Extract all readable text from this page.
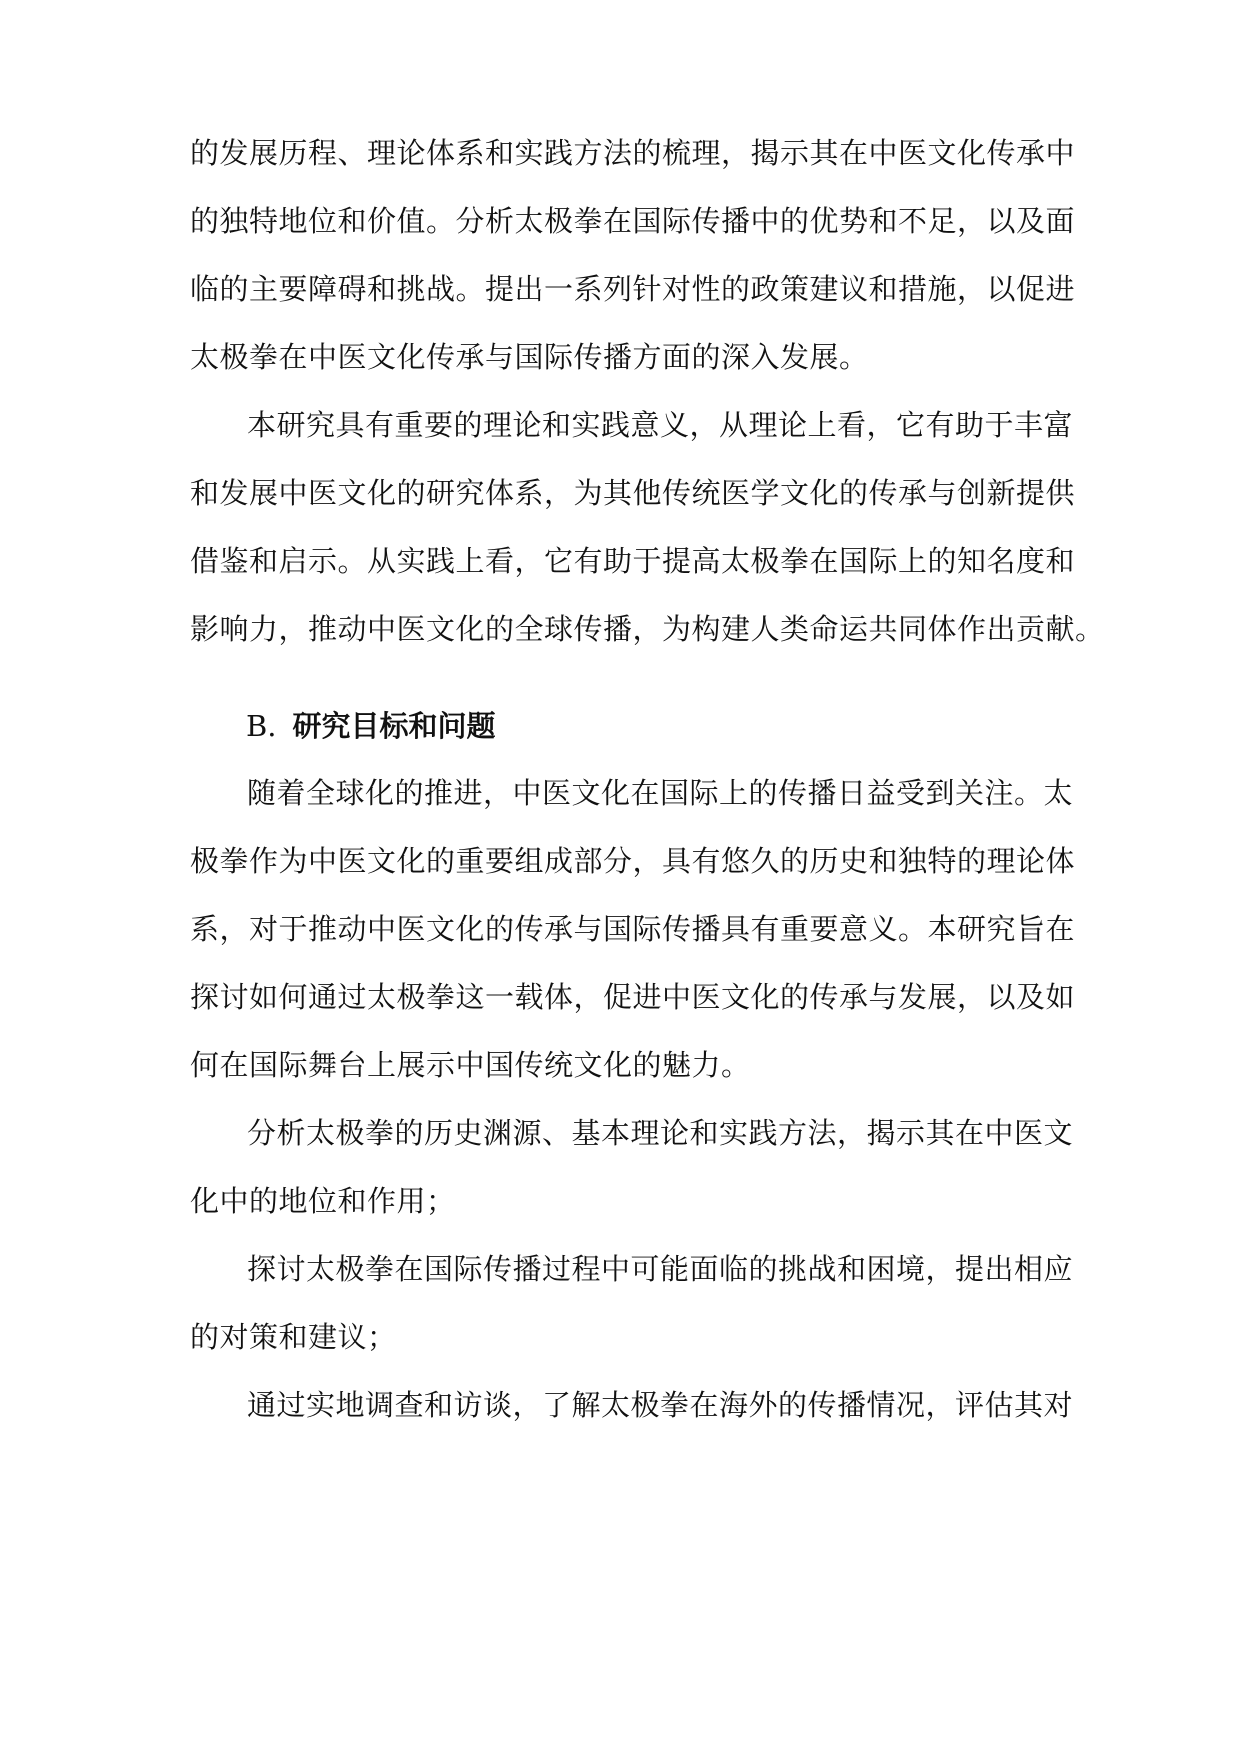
的发展历程、理论体系和实践方法的梳理，揭示其在中医文化传承中
的独特地位和价值。分析太极拳在国际传播中的优势和不足，以及面
临的主要障碍和挑战。提出一系列针对性的政策建议和措施，以促进
太极拳在中医文化传承与国际传播方面的深入发展。
本研究具有重要的理论和实践意义，从理论上看，它有助于丰富
和发展中医文化的研究体系，为其他传统医学文化的传承与创新提供
借鉴和启示。从实践上看，它有助于提高太极拳在国际上的知名度和
影响力，推动中医文化的全球传播，为构建人类命运共同体作出贡献。
B. 研究目标和问题
随着全球化的推进，中医文化在国际上的传播日益受到关注。太
极拳作为中医文化的重要组成部分，具有悠久的历史和独特的理论体
系，对于推动中医文化的传承与国际传播具有重要意义。本研究旨在
探讨如何通过太极拳这一载体，促进中医文化的传承与发展，以及如
何在国际舞台上展示中国传统文化的魅力。
分析太极拳的历史渊源、基本理论和实践方法，揭示其在中医文
化中的地位和作用；
探讨太极拳在国际传播过程中可能面临的挑战和困境，提出相应
的对策和建议；
通过实地调查和访谈，了解太极拳在海外的传播情况，评估其对
